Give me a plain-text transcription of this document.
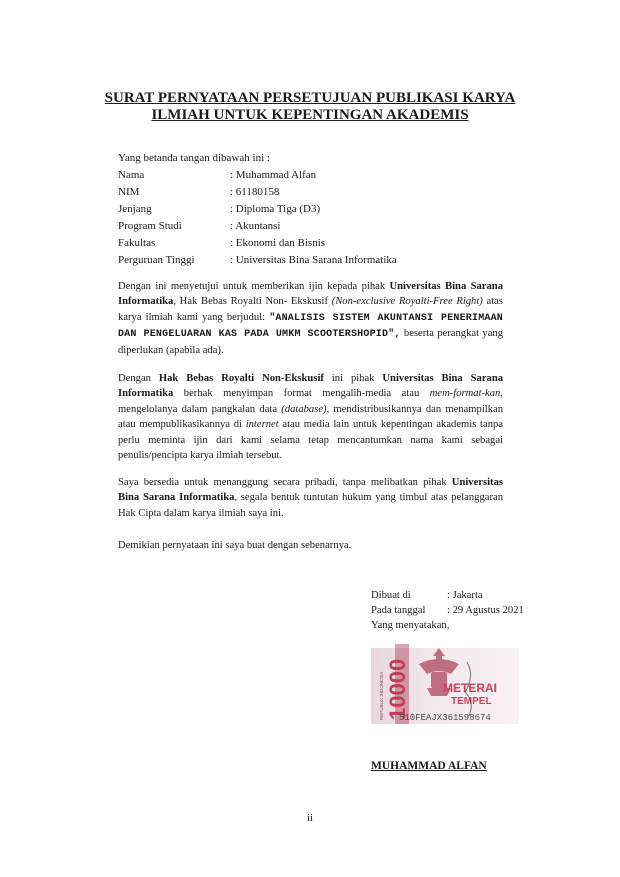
SURAT PERNYATAAN PERSETUJUAN PUBLIKASI KARYA
ILMIAH UNTUK KEPENTINGAN AKADEMIS
Yang betanda tangan dibawah ini :
Nama	: Muhammad Alfan
NIM	: 61180158
Jenjang	: Diploma Tiga (D3)
Program Studi	: Akuntansi
Fakultas	: Ekonomi dan Bisnis
Perguruan Tinggi	: Universitas Bina Sarana Informatika

Dengan ini menyetujui untuk memberikan ijin kepada pihak Universitas Bina Sarana Informatika, Hak Bebas Royalti Non- Ekskusif (Non-exclusive Royalti-Free Right) atas karya ilmiah kami yang berjudul: "ANALISIS SISTEM AKUNTANSI PENERIMAAN DAN PENGELUARAN KAS PADA UMKM SCOOTERSHOPID", beserta perangkat yang diperlukan (apabila ada).

Dengan Hak Bebas Royalti Non-Ekskusif ini pihak Universitas Bina Sarana Informatika berhak menyimpan format mengalih-media atau mem-format-kan, mengelolanya dalam pangkalan data (database), mendistribusikannya dan menampilkan atau mempublikasikannya di internet atau media lain untuk kepentingan akademis tanpa perlu meminta ijin dari kami selama tetap mencantumkan nama kami sebagai penulis/pencipta karya ilmiah tersebut.

Saya bersedia untuk menanggung secara pribadi, tanpa melibatkan pihak Universitas Bina Sarana Informatika, segala bentuk tuntutan hukum yang timbul atas pelanggaran Hak Cipta dalam karya ilmiah saya ini.

Demikian pernyataan ini saya buat dengan sebenarnya.
Dibuat di	: Jakarta
Pada tanggal	: 29 Agustus 2021
Yang menyatakan,
10000
REPUBLIK INDONESIA	METERAI
TEMPEL
510FEAJX361598674
MUHAMMAD ALFAN
ii
